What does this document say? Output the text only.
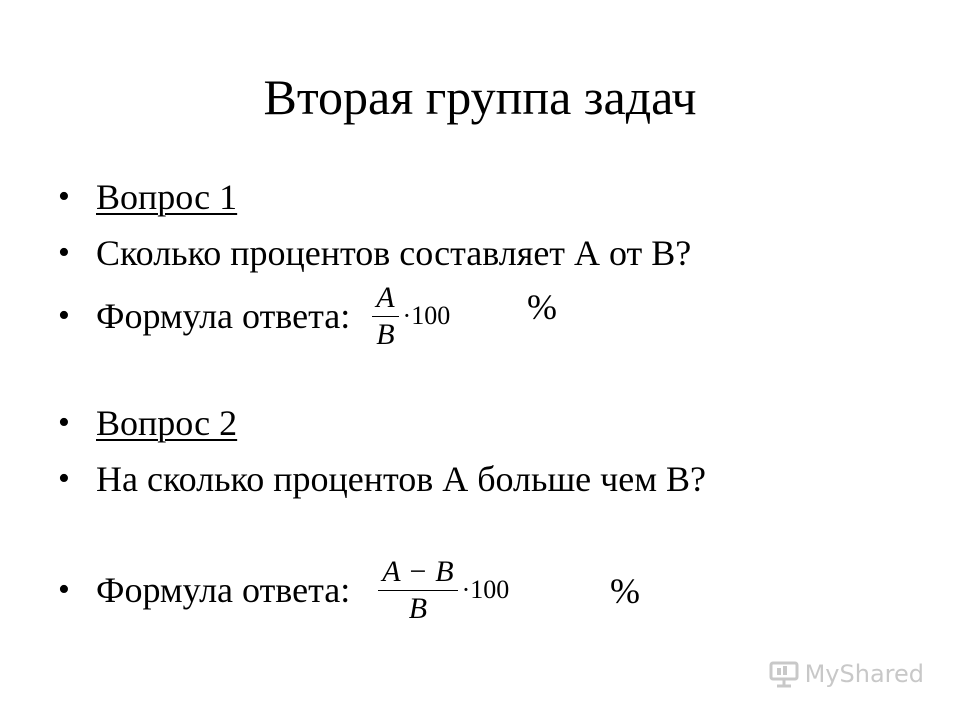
Вторая группа задач
• Вопрос 1
• Сколько процентов составляет А от В?
• Формула ответа: $\frac{A}{B} \cdot 100$ %
• Вопрос 2
• На сколько процентов А больше чем В?
• Формула ответа: $\frac{A - B}{B} \cdot 100$	%
MyShared
